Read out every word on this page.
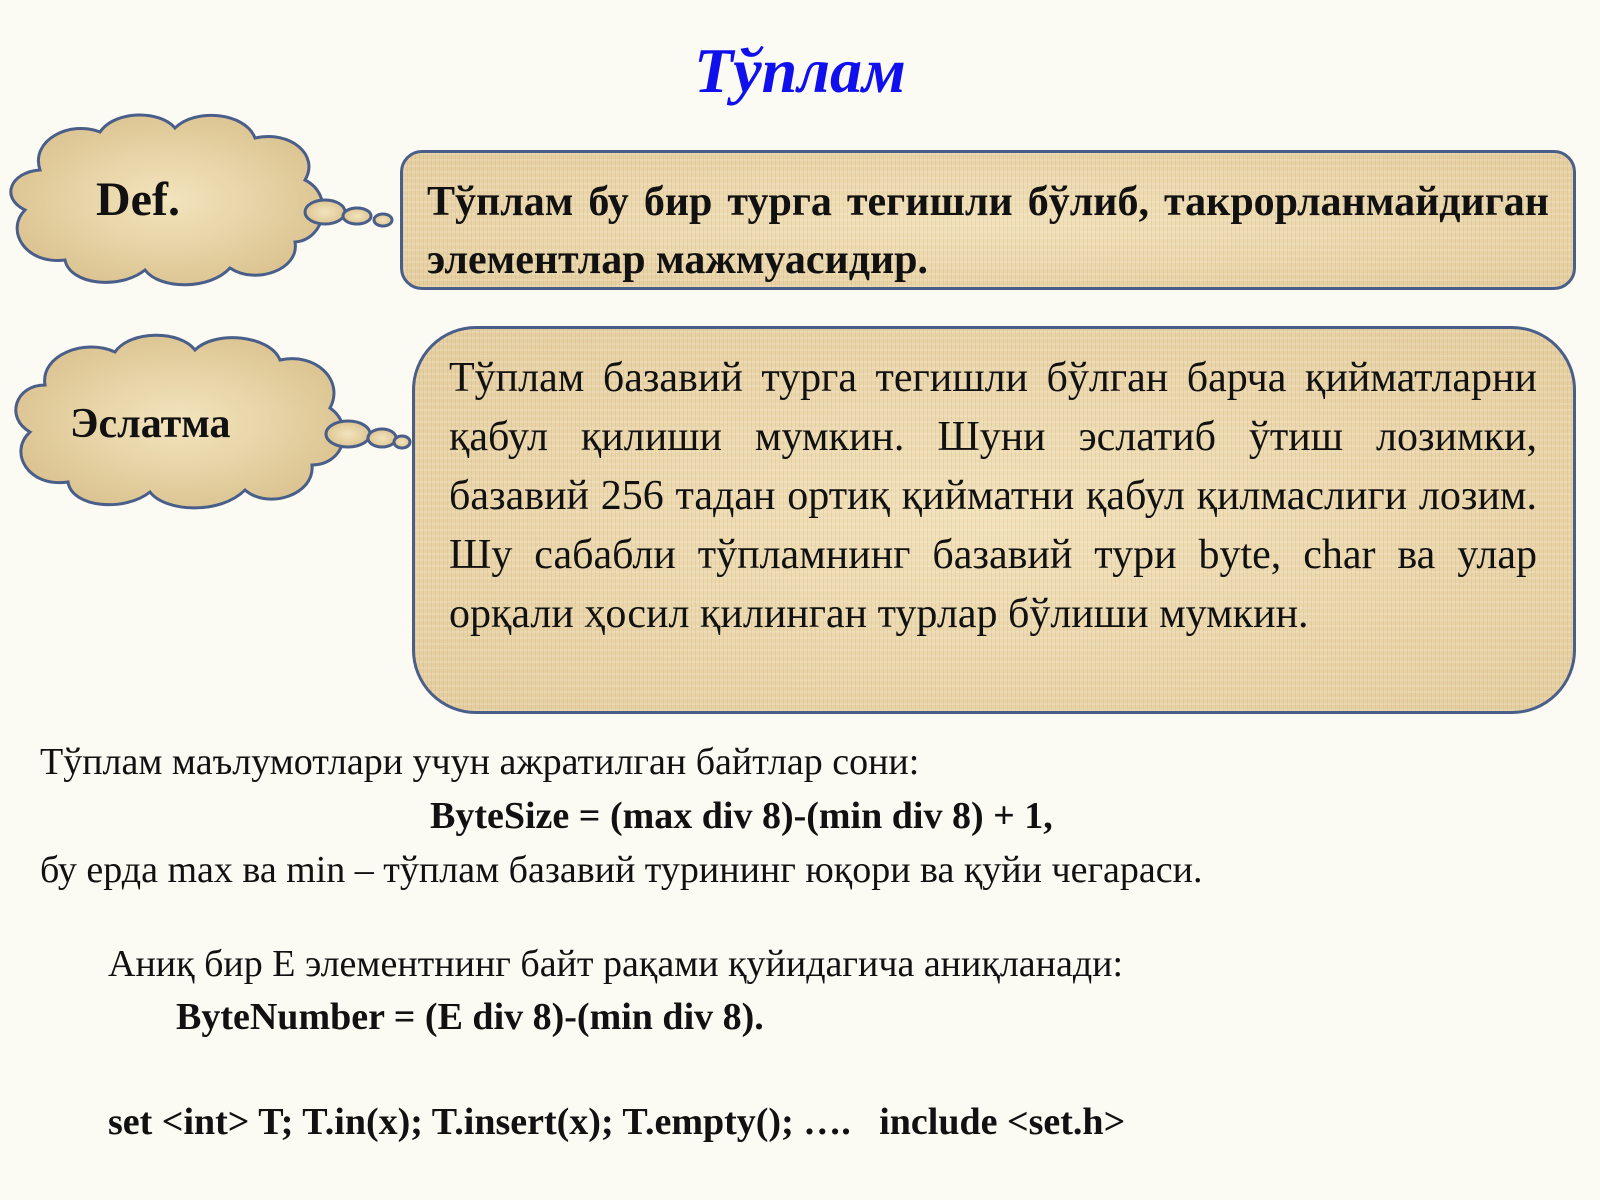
Тўплам
Def.	Тўплам бу бир турга тегишли бўлиб, такрорланмайдиган элементлар мажмуасидир.

Эслатма

Тўплам базавий турга тегишли бўлган барча қийматларни қабул қилиши мумкин. Шуни эслатиб ўтиш лозимки, базавий 256 тадан ортиқ қийматни қабул қилмаслиги лозим. Шу сабабли тўпламнинг базавий тури byte, char ва улар орқали ҳосил қилинган турлар бўлиши мумкин.

Тўплам маълумотлари учун ажратилган байтлар сони:
ByteSize = (max div 8)-(min div 8) + 1,
бу ерда max ва min – тўплам базавий турининг юқори ва қуйи чегараси.
Аниқ бир Е элементнинг байт рақами қуйидагича аниқланади:
ByteNumber = (E div 8)-(min div 8).
set <int> T; T.in(x); T.insert(x); T.empty(); ….   include <set.h>
